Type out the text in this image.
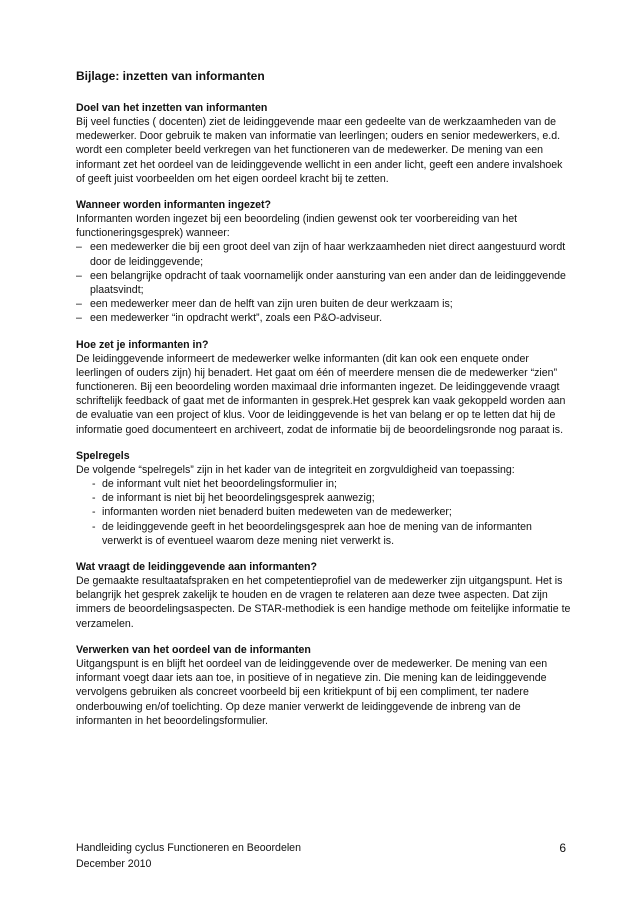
Bijlage: inzetten van informanten
Doel van het inzetten van informanten

Bij veel functies ( docenten) ziet de leidinggevende maar een gedeelte van de werkzaamheden van de medewerker. Door gebruik te maken van informatie van leerlingen; ouders en senior medewerkers, e.d. wordt een completer beeld verkregen van het functioneren van de medewerker. De mening van een informant zet het oordeel van de leidinggevende wellicht in een ander licht, geeft een andere invalshoek of geeft juist voorbeelden om het eigen oordeel kracht bij te zetten.

Wanneer worden informanten ingezet?

Informanten worden ingezet bij een beoordeling (indien gewenst ook ter voorbereiding van het functioneringsgesprek) wanneer:

– een medewerker die bij een groot deel van zijn of haar werkzaamheden niet direct aangestuurd wordt door de leidinggevende;
– een belangrijke opdracht of taak voornamelijk onder aansturing van een ander dan de leidinggevende plaatsvindt;
– een medewerker meer dan de helft van zijn uren buiten de deur werkzaam is;
– een medewerker “in opdracht werkt”, zoals een P&O-adviseur.
Hoe zet je informanten in?

De leidinggevende informeert de medewerker welke informanten (dit kan ook een enquete onder leerlingen of ouders zijn) hij benadert. Het gaat om één of meerdere mensen die de medewerker “zien” functioneren. Bij een beoordeling worden maximaal drie informanten ingezet. De leidinggevende vraagt schriftelijk feedback of gaat met de informanten in gesprek.Het gesprek kan vaak gekoppeld worden aan de evaluatie van een project of klus. Voor de leidinggevende is het van belang er op te letten dat hij de informatie goed documenteert en archiveert, zodat de informatie bij de beoordelingsronde nog paraat is.

Spelregels

De volgende “spelregels” zijn in het kader van de integriteit en zorgvuldigheid van toepassing:

- de informant vult niet het beoordelingsformulier in;
- de informant is niet bij het beoordelingsgesprek aanwezig;
- informanten worden niet benaderd buiten medeweten van de medewerker;
- de leidinggevende geeft in het beoordelingsgesprek aan hoe de mening van de informanten verwerkt is of eventueel waarom deze mening niet verwerkt is.
Wat vraagt de leidinggevende aan informanten?

De gemaakte resultaatafspraken en het competentieprofiel van de medewerker zijn uitgangspunt. Het is belangrijk het gesprek zakelijk te houden en de vragen te relateren aan deze twee aspecten. Dat zijn immers de beoordelingsaspecten. De STAR-methodiek is een handige methode om feitelijke informatie te verzamelen.

Verwerken van het oordeel van de informanten

Uitgangspunt is en blijft het oordeel van de leidinggevende over de medewerker. De mening van een informant voegt daar iets aan toe, in positieve of in negatieve zin. Die mening kan de leidinggevende vervolgens gebruiken als concreet voorbeeld bij een kritiekpunt of bij een compliment, ter nadere onderbouwing en/of toelichting. Op deze manier verwerkt de leidinggevende de inbreng van de informanten in het beoordelingsformulier.

Handleiding cyclus Functioneren en Beoordelen
December 2010
6
